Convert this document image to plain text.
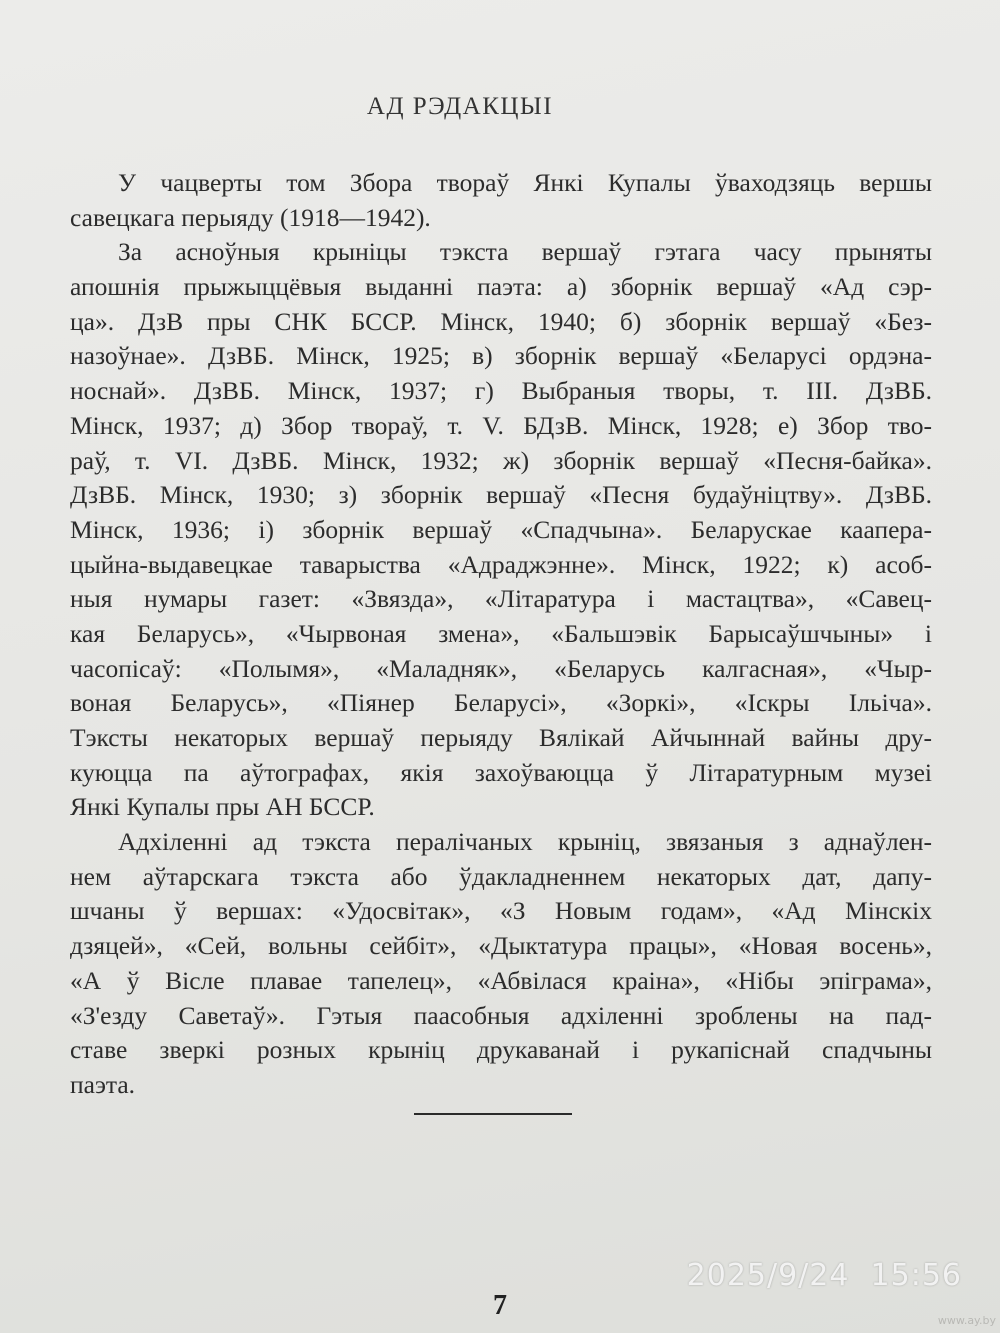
АД РЭДАКЦЫІ
У чацверты том Збора твораў Янкі Купалы ўваходзяць вершы
савецкага перыяду (1918—1942).
За асноўныя крыніцы тэкста вершаў гэтага часу прыняты
апошнія прыжыццёвыя выданні паэта: а) зборнік вершаў «Ад сэр-
ца». ДзВ пры СНК БССР. Мінск, 1940; б) зборнік вершаў «Без-
назоўнае». ДзВБ. Мінск, 1925; в) зборнік вершаў «Беларусі ордэна-
носнай». ДзВБ. Мінск, 1937; г) Выбраныя творы, т. III. ДзВБ.
Мінск, 1937; д) Збор твораў, т. V. БДзВ. Мінск, 1928; е) Збор тво-
раў, т. VI. ДзВБ. Мінск, 1932; ж) зборнік вершаў «Песня-байка».
ДзВБ. Мінск, 1930; з) зборнік вершаў «Песня будаўніцтву». ДзВБ.
Мінск, 1936; і) зборнік вершаў «Спадчына». Беларускае каапера-
цыйна-выдавецкае таварыства «Адраджэнне». Мінск, 1922; к) асоб-
ныя нумары газет: «Звязда», «Літаратура і мастацтва», «Савец-
кая Беларусь», «Чырвоная змена», «Бальшэвік Барысаўшчыны» і
часопісаў: «Полымя», «Маладняк», «Беларусь калгасная», «Чыр-
воная Беларусь», «Піянер Беларусі», «Зоркі», «Іскры Ільіча».
Тэксты некаторых вершаў перыяду Вялікай Айчыннай вайны дру-
куюцца па аўтографах, якія захоўваюцца ў Літаратурным музеі
Янкі Купалы пры АН БССР.
Адхіленні ад тэкста пералічаных крыніц, звязаныя з аднаўлен-
нем аўтарскага тэкста або ўдакладненнем некаторых дат, дапу-
шчаны ў вершах: «Удосвітак», «З Новым годам», «Ад Мінскіх
дзяцей», «Сей, вольны сейбіт», «Дыктатура працы», «Новая восень»,
«А ў Вісле плавае тапелец», «Абвілася краіна», «Нібы эпіграма»,
«З'езду Саветаў». Гэтыя паасобныя адхіленні зроблены на пад-
ставе зверкі розных крыніц друкаванай і рукапіснай спадчыны
паэта.
2025/9/24  15:56
7	www.ay.by
